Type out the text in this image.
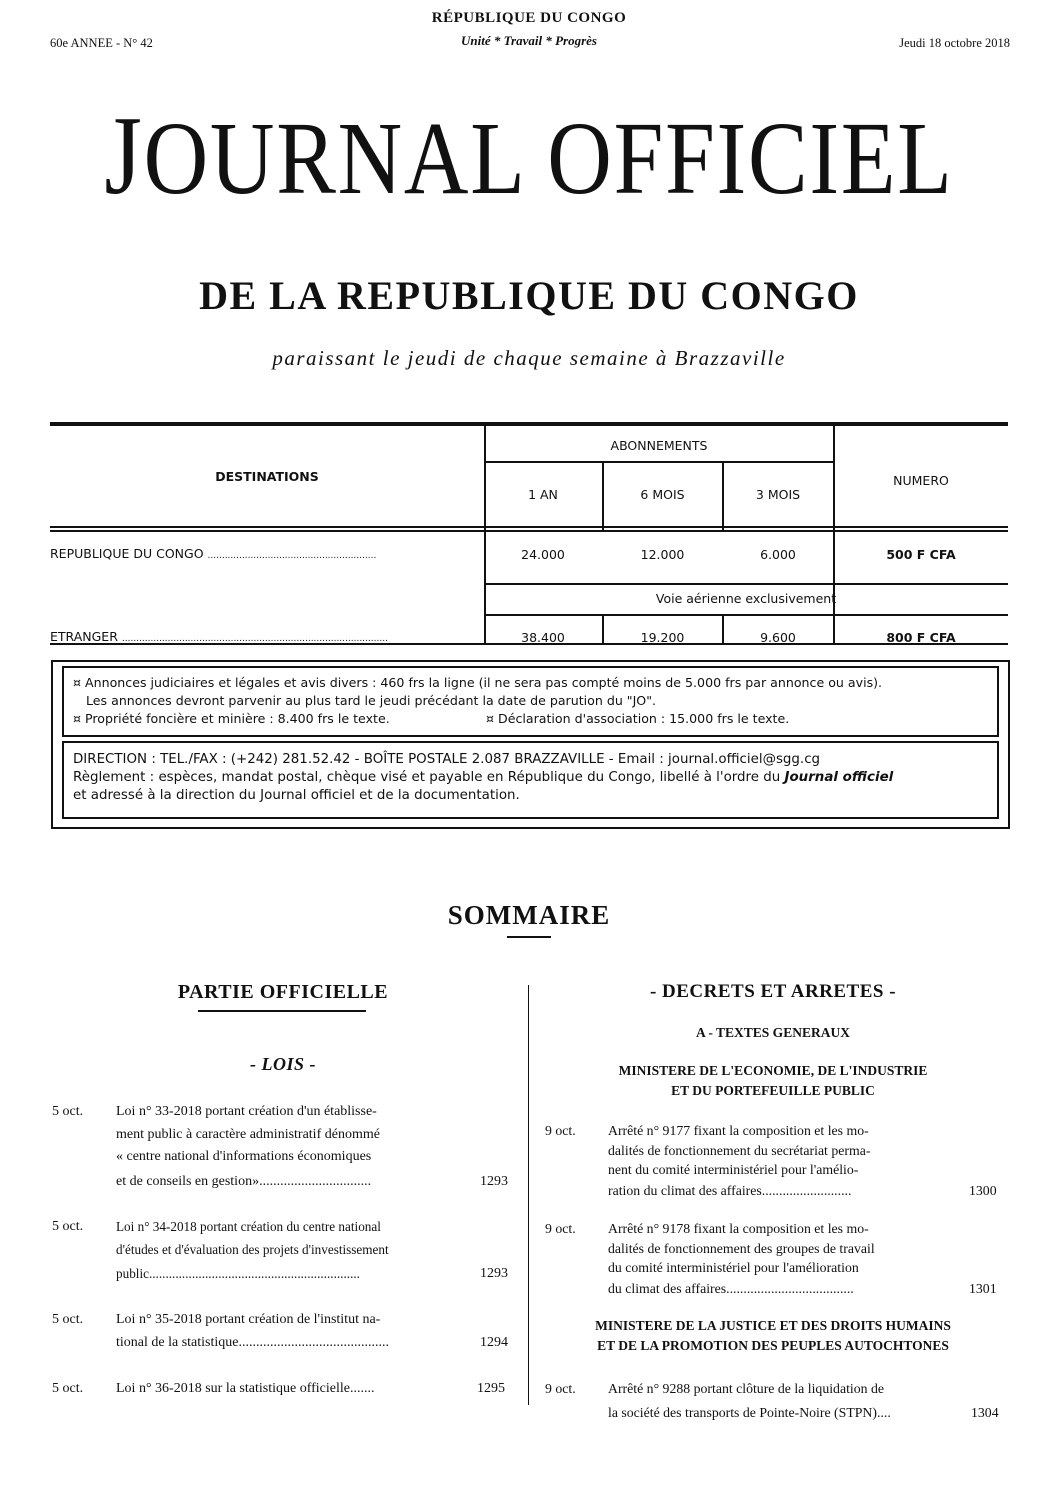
RÉPUBLIQUE DU CONGO
60e ANNEE - N° 42	Unité * Travail * Progrès	Jeudi 18 octobre 2018
JOURNAL OFFICIEL
DE LA REPUBLIQUE DU CONGO
paraissant le jeudi de chaque semaine à Brazzaville
DESTINATIONS
ABONNEMENTS
NUMERO
1 AN	6 MOIS	3 MOIS
REPUBLIQUE DU CONGO ...........................................................	24.000	12.000	6.000	500 F CFA
Voie aérienne exclusivement
ETRANGER .............................................................................................	38.400	19.200	9.600	800 F CFA
¤ Annonces judiciaires et légales et avis divers : 460 frs la ligne (il ne sera pas compté moins de 5.000 frs par annonce ou avis).
Les annonces devront parvenir au plus tard le jeudi précédant la date de parution du "JO".
¤ Propriété foncière et minière : 8.400 frs le texte.	¤ Déclaration d'association : 15.000 frs le texte.
DIRECTION : TEL./FAX : (+242) 281.52.42 - BOÎTE POSTALE 2.087 BRAZZAVILLE - Email : journal.officiel@sgg.cg
Règlement : espèces, mandat postal, chèque visé et payable en République du Congo, libellé à l'ordre du Journal officiel
et adressé à la direction du Journal officiel et de la documentation.
SOMMAIRE
PARTIE OFFICIELLE
- LOIS -
5 oct. Loi n° 33-2018 portant création d'un établisse-
ment public à caractère administratif dénommé
« centre national d'informations économiques
et de conseils en gestion»................................	1293
5 oct. Loi n° 34-2018 portant création du centre national
d'études et d'évaluation des projets d'investissement
public................................................................	1293
5 oct. Loi n° 35-2018 portant création de l'institut na-
tional de la statistique...........................................	1294
5 oct. Loi n° 36-2018 sur la statistique officielle.......	1295
- DECRETS ET ARRETES -
A - TEXTES GENERAUX
MINISTERE DE L'ECONOMIE, DE L'INDUSTRIE
ET DU PORTEFEUILLE PUBLIC
9 oct. Arrêté n° 9177 fixant la composition et les mo-
dalités de fonctionnement du secrétariat perma-
nent du comité interministériel pour l'amélio-
ration du climat des affaires..........................	1300
9 oct. Arrêté n° 9178 fixant la composition et les mo-
dalités de fonctionnement des groupes de travail
du comité interministériel pour l'amélioration
du climat des affaires.....................................	1301
MINISTERE DE LA JUSTICE ET DES DROITS HUMAINS
ET DE LA PROMOTION DES PEUPLES AUTOCHTONES
9 oct. Arrêté n° 9288 portant clôture de la liquidation de
la société des transports de Pointe-Noire (STPN)....	1304
